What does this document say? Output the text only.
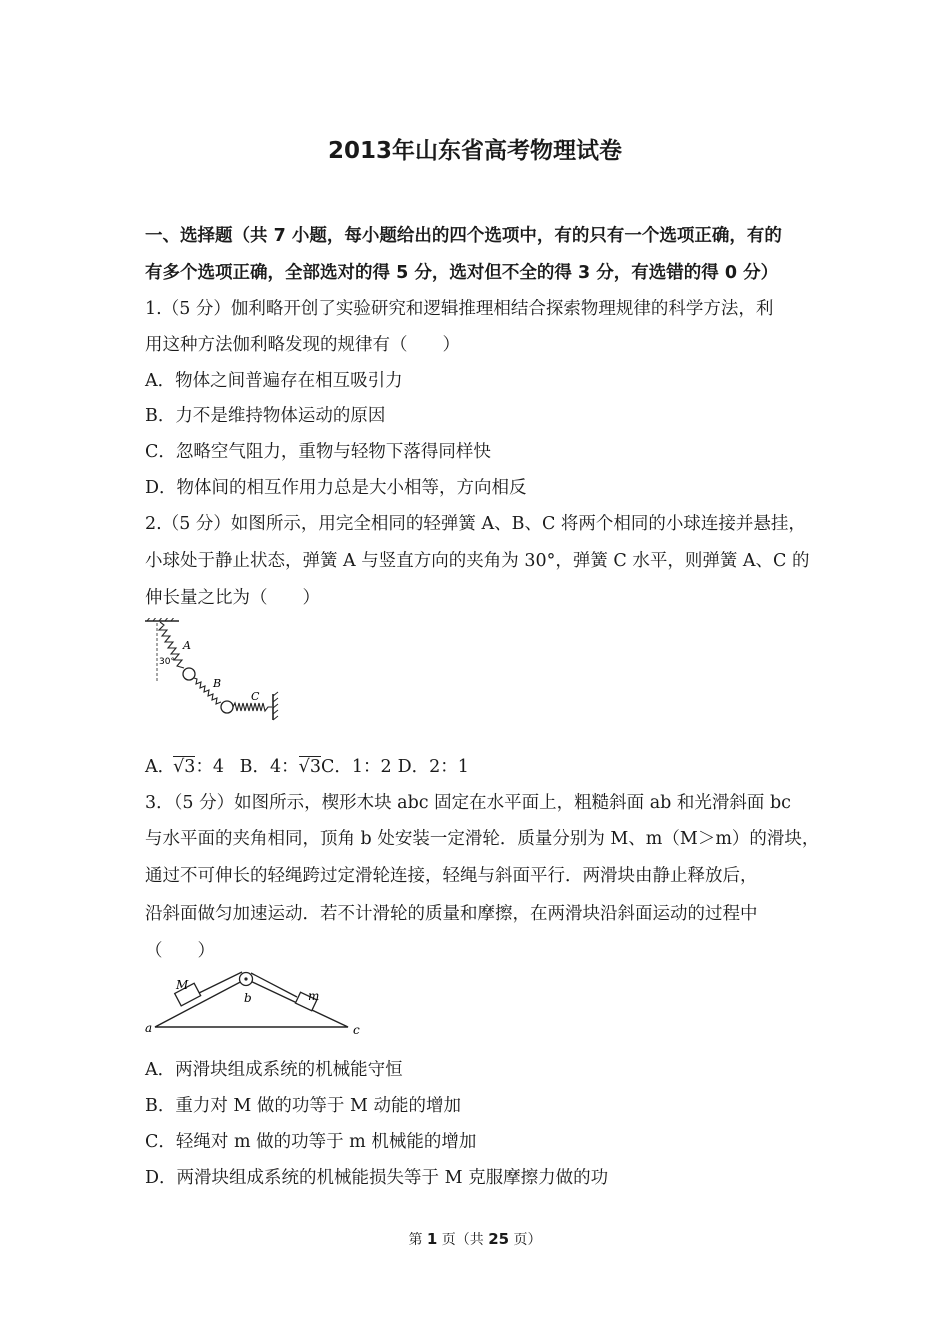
2013年山东省高考物理试卷
一、选择题（共 7 小题，每小题给出的四个选项中，有的只有一个选项正确，有的
有多个选项正确，全部选对的得 5 分，选对但不全的得 3 分，有选错的得 0 分）
1.（5 分）伽利略开创了实验研究和逻辑推理相结合探索物理规律的科学方法，利
用这种方法伽利略发现的规律有（　　）
A．物体之间普遍存在相互吸引力
B．力不是维持物体运动的原因
C．忽略空气阻力，重物与轻物下落得同样快
D．物体间的相互作用力总是大小相等，方向相反
2.（5 分）如图所示，用完全相同的轻弹簧 A、B、C 将两个相同的小球连接并悬挂，
小球处于静止状态，弹簧 A 与竖直方向的夹角为 30°，弹簧 C 水平，则弹簧 A、C 的
伸长量之比为（　　）
A
30°
B
C
A．√3：4 B．4：√3C．1：2 D．2：1
3．（5 分）如图所示，楔形木块 abc 固定在水平面上，粗糙斜面 ab 和光滑斜面 bc
与水平面的夹角相同，顶角 b 处安装一定滑轮．质量分别为 M、m（M＞m）的滑块，
通过不可伸长的轻绳跨过定滑轮连接，轻绳与斜面平行．两滑块由静止释放后，
沿斜面做匀加速运动．若不计滑轮的质量和摩擦，在两滑块沿斜面运动的过程中
（　　）
M
m
a
b
c
A．两滑块组成系统的机械能守恒
B．重力对 M 做的功等于 M 动能的增加
C．轻绳对 m 做的功等于 m 机械能的增加
D．两滑块组成系统的机械能损失等于 M 克服摩擦力做的功
第 1 页（共 25 页）
